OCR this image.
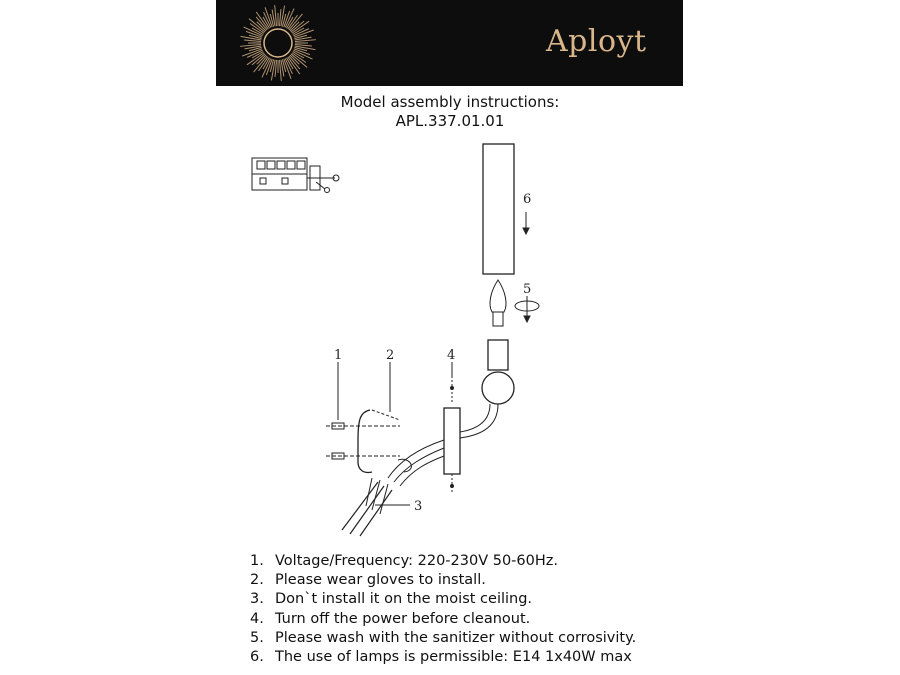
Aployt
Model assembly instructions:
APL.337.01.01
1	2
3
4
5
6
1. Voltage/Frequency: 220-230V 50-60Hz.
2. Please wear gloves to install.
3. Don`t install it on the moist ceiling.
4. Turn off the power before cleanout.
5. Please wash with the sanitizer without corrosivity.
6. The use of lamps is permissible: E14 1x40W max
